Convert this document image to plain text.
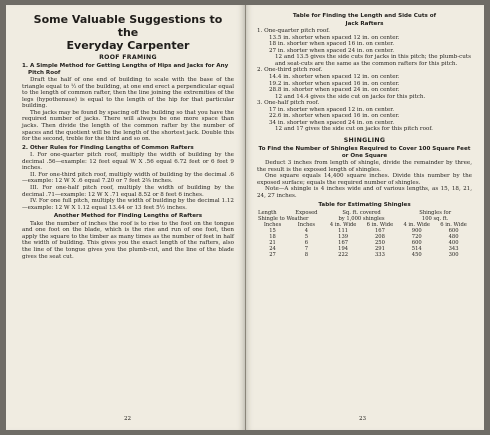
Some Valuable Suggestions to the
Everyday Carpenter
ROOF FRAMING
1. A Simple Method for Getting Lengths of Hips and Jacks for Any Pitch Roof

Draft the half of one end of building to scale with the base of the triangle equal to ½ of the building, at one end erect a perpendicular equal to the length of common rafter, then the line joining the extremities of the legs (hypothenuse) is equal to the length of the hip for that particular building.

The jacks may be found by spacing off the building so that you have the required number of jacks. There will always be one more space than jacks. Then divide the length of the common rafter by the number of spaces and the quotient will be the length of the shortest jack. Double this for the second, treble for the third and so on.

2. Other Rules for Finding Lengths of Common Rafters

I. For one-quarter pitch roof, multiply the width of building by the decimal .56—example: 12 feet equal W X .56 equal 6.72 feet or 6 feet 9 inches.

II. For one-third pitch roof, multiply width of building by the decimal .6—example: 12 W X .6 equal 7.20 or 7 feet 2⅜ inches.

III. For one-half pitch roof, multiply the width of building by the decimal .71—example: 12 W X .71 equal 8.52 or 8 feet 6 inches.

IV. For one full pitch, multiply the width of building by the decimal 1.12—example: 12 W X 1.12 equal 13.44 or 13 feet 5½ inches.

Another Method for Finding Lengths of Rafters

Take the number of inches the roof is to rise to the foot on the tongue and one foot on the blade, which is the rise and run of one foot, then apply the square to the timber as many times as the number of feet in half the width of building. This gives you the exact length of the rafters, also the line of the tongue gives you the plumb-cut, and the line of the blade gives the seat cut.

22
Table for Finding the Length and Side Cuts of
Jack Rafters
1. One-quarter pitch roof.
13.5 in. shorter when spaced 12 in. on center.
18 in. shorter when spaced 16 in. on center.
27 in. shorter when spaced 24 in. on center.
12 and 13.5 gives the side cuts for jacks in this pitch; the plumb-cuts and seat-cuts are the same as the common rafters for this pitch.
2. One-third pitch roof.
14.4 in. shorter when spaced 12 in. on center.
19.2 in. shorter when spaced 16 in. on center.
28.8 in. shorter when spaced 24 in. on center.
12 and 14.4 gives the side cut on jacks for this pitch.
3. One-half pitch roof.
17 in. shorter when spaced 12 in. on center.
22.6 in. shorter when spaced 16 in. on center.
34 in. shorter when spaced 24 in. on center.
12 and 17 gives the side cut on jacks for this pitch roof.
SHINGLING
To Find the Number of Shingles Required to Cover 100 Square Feet or One Square

Deduct 3 inches from length of shingle, divide the remainder by three, the result is the exposed length of shingles.

One square equals 14,400 square inches. Divide this number by the exposed surface; equals the required number of shingles.

Note—A shingle is 4 inches wide and of various lengths, as 15, 18, 21, 24, 27 inches.

Table for Estimating Shingles
Length	Exposed	Sq. ft. covered		Shingles for	
Shingle to Weather		by 1,000 shingles		100 sq. ft.	
Inches	Inches	4 in. Wide	6 in. Wide	4 in. Wide	6 in. Wide
15	4	111	167	900	600
18	5	139	208	720	480
21	6	167	250	600	400
24	7	194	291	514	343
27	8	222	333	450	300
23
